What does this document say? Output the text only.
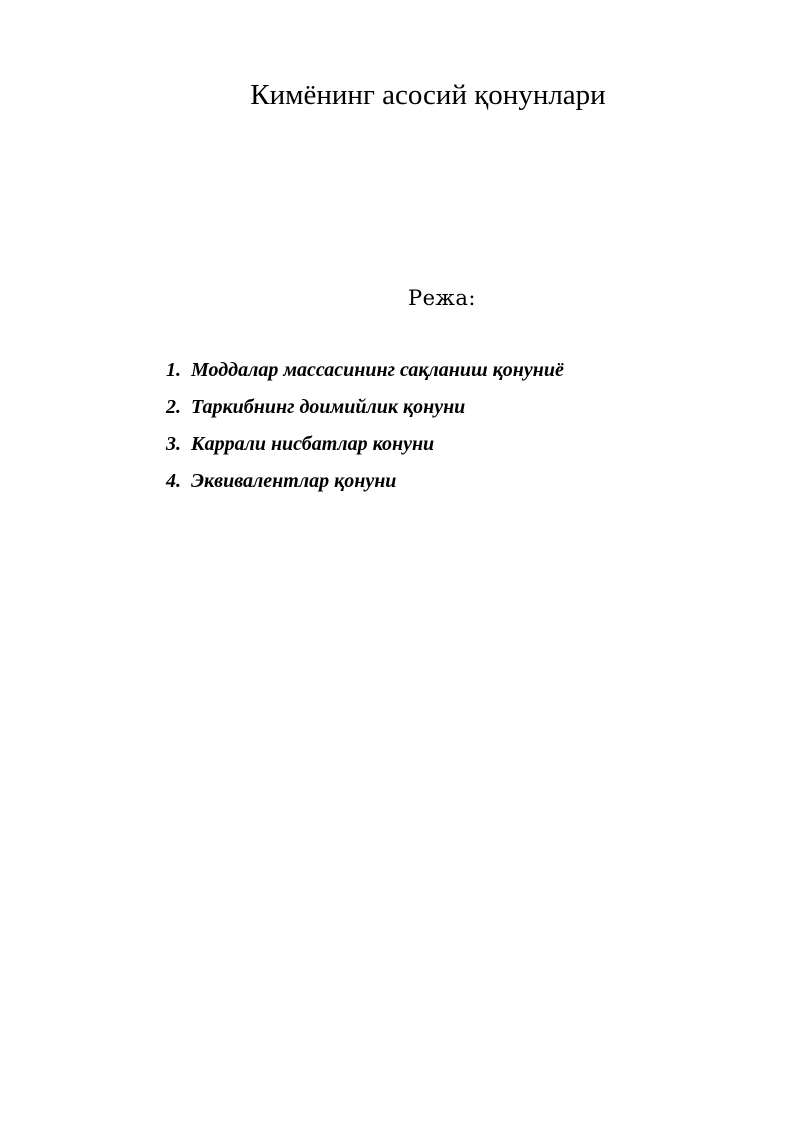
Кимёнинг асосий қонунлари
Режа:
1. Моддалар массасининг сақланиш қонуниё
2. Таркибнинг доимийлик қонуни
3. Каррали нисбатлар конуни
4. Эквивалентлар қонуни
